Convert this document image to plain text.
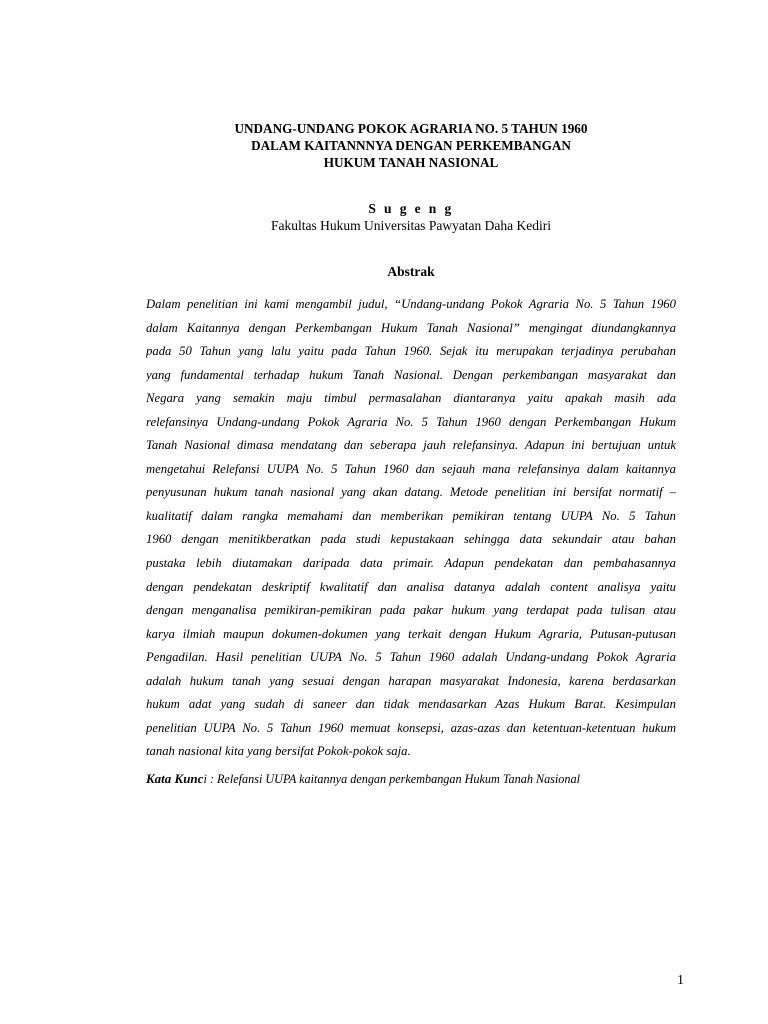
UNDANG-UNDANG POKOK AGRARIA NO. 5 TAHUN 1960
DALAM KAITANNNYA DENGAN PERKEMBANGAN
HUKUM TANAH NASIONAL
S u g e n g
Fakultas Hukum Universitas Pawyatan Daha Kediri
Abstrak
Dalam penelitian ini kami mengambil judul, “Undang-undang Pokok Agraria No. 5 Tahun 1960
dalam Kaitannya dengan Perkembangan Hukum Tanah Nasional” mengingat diundangkannya
pada 50 Tahun yang lalu yaitu pada Tahun 1960. Sejak itu merupakan terjadinya perubahan
yang fundamental terhadap hukum Tanah Nasional. Dengan perkembangan masyarakat dan
Negara yang semakin maju timbul permasalahan diantaranya yaitu apakah masih ada
relefansinya Undang-undang Pokok Agraria No. 5 Tahun 1960 dengan Perkembangan Hukum
Tanah Nasional dimasa mendatang dan seberapa jauh relefansinya. Adapun ini bertujuan untuk
mengetahui Relefansi UUPA No. 5 Tahun 1960 dan sejauh mana relefansinya dalam kaitannya
penyusunan hukum tanah nasional yang akan datang. Metode penelitian ini bersifat normatif –
kualitatif dalam rangka memahami dan memberikan pemikiran tentang UUPA No. 5 Tahun
1960 dengan menitikberatkan pada studi kepustakaan sehingga data sekundair atau bahan
pustaka lebih diutamakan daripada data primair. Adapun pendekatan dan pembahasannya
dengan pendekatan deskriptif kwalitatif dan analisa datanya adalah content analisya yaitu
dengan menganalisa pemikiran-pemikiran pada pakar hukum yang terdapat pada tulisan atau
karya ilmiah maupun dokumen-dokumen yang terkait dengan Hukum Agraria, Putusan-putusan
Pengadilan. Hasil penelitian UUPA No. 5 Tahun 1960 adalah Undang-undang Pokok Agraria
adalah hukum tanah yang sesuai dengan harapan masyarakat Indonesia, karena berdasarkan
hukum adat yang sudah di saneer dan tidak mendasarkan Azas Hukum Barat. Kesimpulan
penelitian UUPA No. 5 Tahun 1960 memuat konsepsi, azas-azas dan ketentuan-ketentuan hukum
tanah nasional kita yang bersifat Pokok-pokok saja.
Kata Kunci : Relefansi UUPA kaitannya dengan perkembangan Hukum Tanah Nasional
1
